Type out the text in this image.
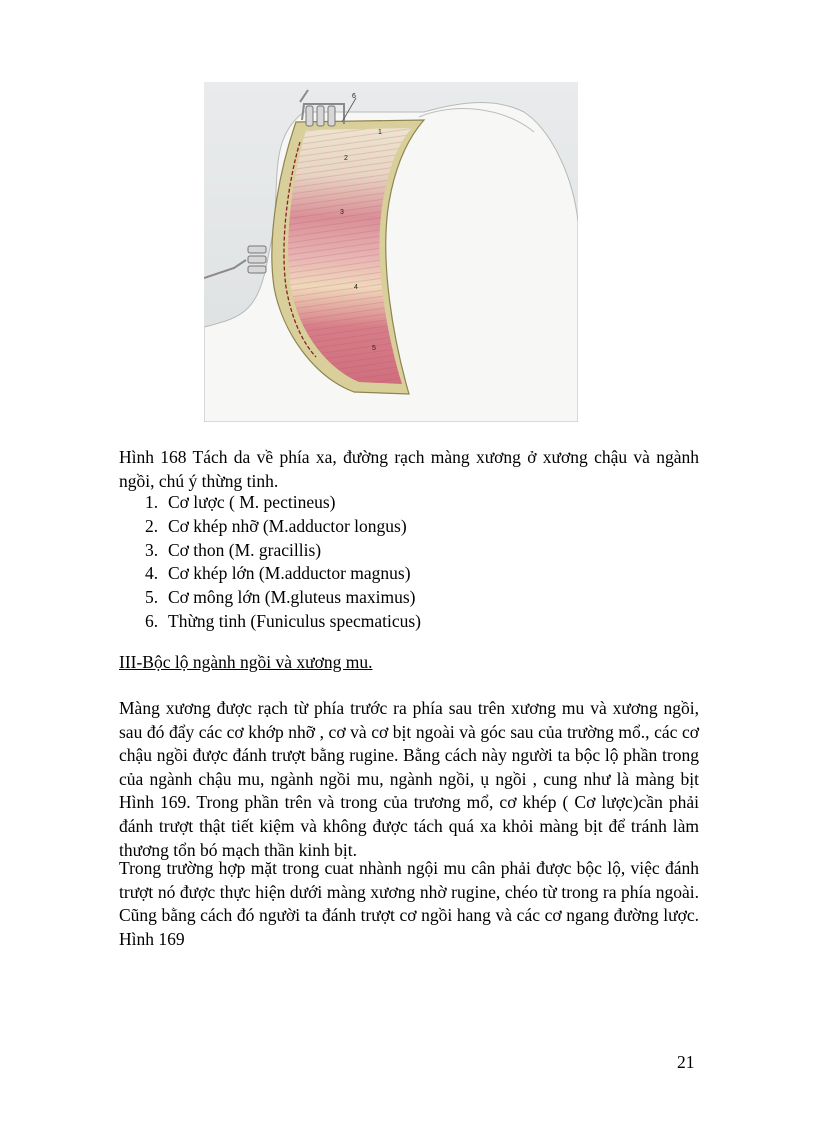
6
1
2
3
4
5

Hình 168 Tách da về phía xa, đường rạch màng xương ở xương chậu và ngành ngồi, chú ý thừng tinh.

1. Cơ lược ( M. pectineus)
2. Cơ khép nhỡ (M.adductor longus)
3. Cơ thon (M. gracillis)
4. Cơ khép lớn (M.adductor magnus)
5. Cơ mông lớn (M.gluteus maximus)
6. Thừng tinh (Funiculus specmaticus)
III-Bộc lộ ngành ngồi và xương mu.

Màng xương được rạch từ phía trước ra phía sau trên xương mu và xương ngồi, sau đó đẩy các cơ khớp nhỡ , cơ và cơ bịt ngoài và góc sau của trường mổ., các cơ chậu ngồi được đánh trượt bằng rugine. Bằng cách này người ta bộc lộ phần trong của ngành chậu mu, ngành ngồi mu, ngành ngồi, ụ ngồi , cung như là màng bịt Hình 169. Trong phần trên và trong của trương mổ, cơ khép ( Cơ lược)cần phải đánh trượt thật tiết kiệm và không được tách quá xa khỏi màng bịt để tránh làm thương tổn bó mạch thần kinh bịt.

Trong trường hợp mặt trong cuat nhành ngội mu cân phải được bộc lộ, việc đánh trượt nó được thực hiện dưới màng xương nhờ rugine, chéo từ trong ra phía ngoài. Cũng bằng cách đó người ta đánh trượt cơ ngồi hang và các cơ ngang đường lược. Hình 169

21
